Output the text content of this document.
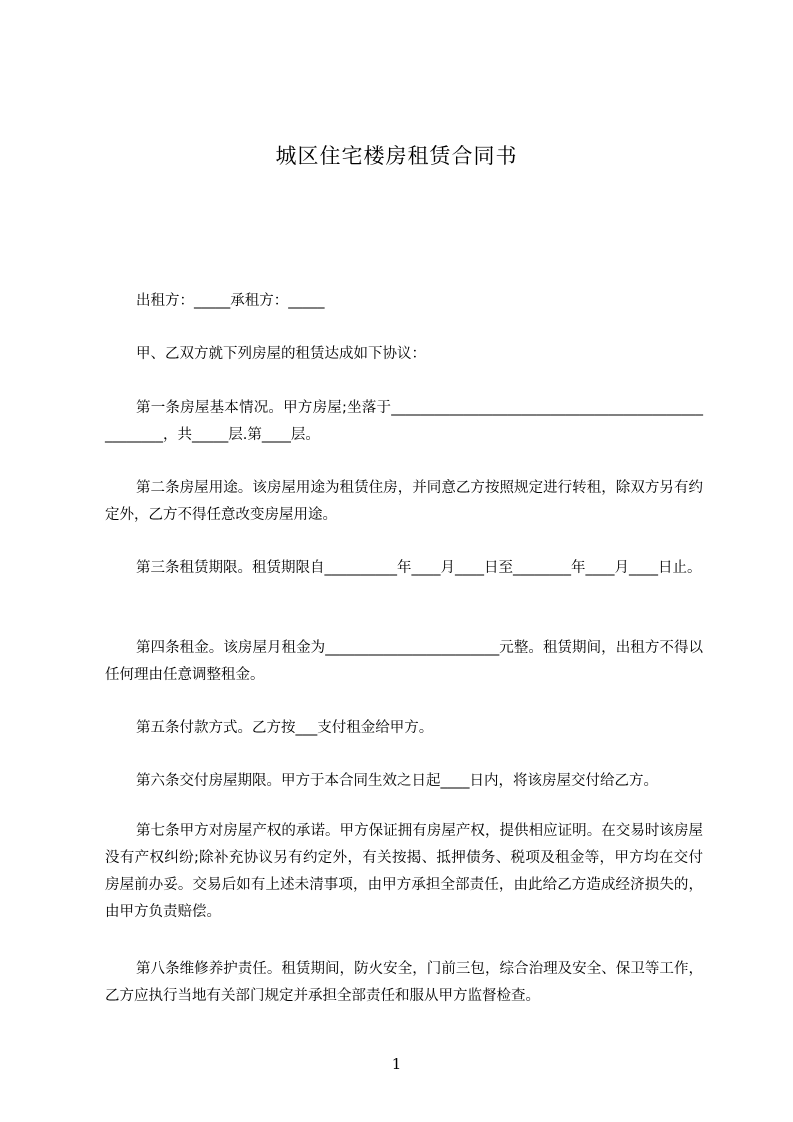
城区住宅楼房租赁合同书
出租方：_____承租方：_____
甲、乙双方就下列房屋的租赁达成如下协议：
第一条房屋基本情况。甲方房屋;坐落于___________________________________________________，共_____层.第____层。
第二条房屋用途。该房屋用途为租赁住房，并同意乙方按照规定进行转租，除双方另有约定外，乙方不得任意改变房屋用途。
第三条租赁期限。租赁期限自__________年____月____日至________年____月____日止。
第四条租金。该房屋月租金为________________________元整。租赁期间，出租方不得以任何理由任意调整租金。
第五条付款方式。乙方按___支付租金给甲方。
第六条交付房屋期限。甲方于本合同生效之日起____日内，将该房屋交付给乙方。
第七条甲方对房屋产权的承诺。甲方保证拥有房屋产权，提供相应证明。在交易时该房屋没有产权纠纷;除补充协议另有约定外，有关按揭、抵押债务、税项及租金等，甲方均在交付房屋前办妥。交易后如有上述未清事项，由甲方承担全部责任，由此给乙方造成经济损失的，由甲方负责赔偿。
第八条维修养护责任。租赁期间，防火安全，门前三包，综合治理及安全、保卫等工作，乙方应执行当地有关部门规定并承担全部责任和服从甲方监督检查。
1
